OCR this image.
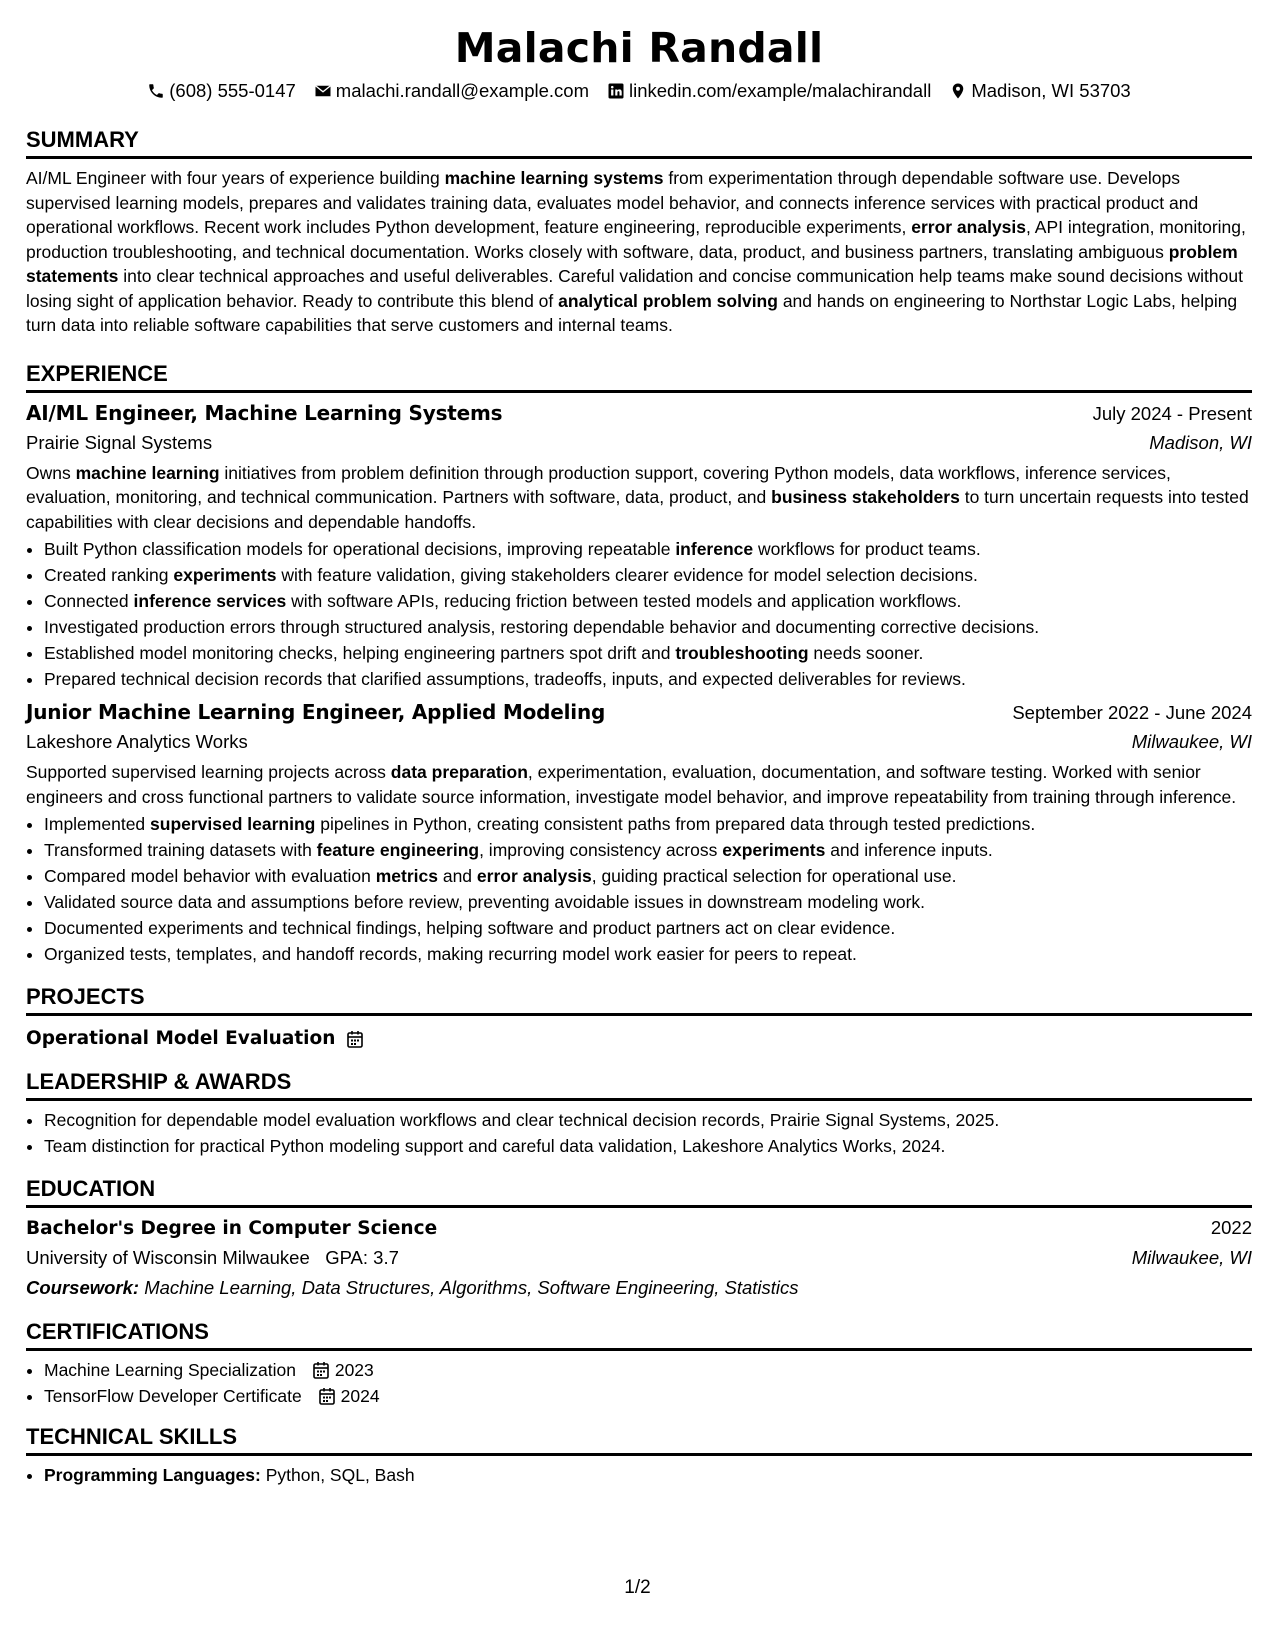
Malachi Randall
(608) 555-0147 malachi.randall@example.com linkedin.com/example/malachirandall Madison, WI 53703
SUMMARY

AI/ML Engineer with four years of experience building machine learning systems from experimentation through dependable software use. Develops supervised learning models, prepares and validates training data, evaluates model behavior, and connects inference services with practical product and operational workflows. Recent work includes Python development, feature engineering, reproducible experiments, error analysis, API integration, monitoring, production troubleshooting, and technical documentation. Works closely with software, data, product, and business partners, translating ambiguous problem statements into clear technical approaches and useful deliverables. Careful validation and concise communication help teams make sound decisions without losing sight of application behavior. Ready to contribute this blend of analytical problem solving and hands on engineering to Northstar Logic Labs, helping turn data into reliable software capabilities that serve customers and internal teams.

EXPERIENCE
AI/ML Engineer, Machine Learning Systems	July 2024 - Present
Prairie Signal Systems	Madison, WI

Owns machine learning initiatives from problem definition through production support, covering Python models, data workflows, inference services, evaluation, monitoring, and technical communication. Partners with software, data, product, and business stakeholders to turn uncertain requests into tested capabilities with clear decisions and dependable handoffs.

• Built Python classification models for operational decisions, improving repeatable inference workflows for product teams.
• Created ranking experiments with feature validation, giving stakeholders clearer evidence for model selection decisions.
• Connected inference services with software APIs, reducing friction between tested models and application workflows.
• Investigated production errors through structured analysis, restoring dependable behavior and documenting corrective decisions.
• Established model monitoring checks, helping engineering partners spot drift and troubleshooting needs sooner.
• Prepared technical decision records that clarified assumptions, tradeoffs, inputs, and expected deliverables for reviews.
Junior Machine Learning Engineer, Applied Modeling	September 2022 - June 2024
Lakeshore Analytics Works	Milwaukee, WI

Supported supervised learning projects across data preparation, experimentation, evaluation, documentation, and software testing. Worked with senior engineers and cross functional partners to validate source information, investigate model behavior, and improve repeatability from training through inference.

• Implemented supervised learning pipelines in Python, creating consistent paths from prepared data through tested predictions.
• Transformed training datasets with feature engineering, improving consistency across experiments and inference inputs.
• Compared model behavior with evaluation metrics and error analysis, guiding practical selection for operational use.
• Validated source data and assumptions before review, preventing avoidable issues in downstream modeling work.
• Documented experiments and technical findings, helping software and product partners act on clear evidence.
• Organized tests, templates, and handoff records, making recurring model work easier for peers to repeat.
PROJECTS
Operational Model Evaluation
LEADERSHIP & AWARDS
• Recognition for dependable model evaluation workflows and clear technical decision records, Prairie Signal Systems, 2025.
• Team distinction for practical Python modeling support and careful data validation, Lakeshore Analytics Works, 2024.
EDUCATION
Bachelor's Degree in Computer Science	2022
University of Wisconsin Milwaukee GPA: 3.7	Milwaukee, WI
Coursework: Machine Learning, Data Structures, Algorithms, Software Engineering, Statistics
CERTIFICATIONS
• Machine Learning Specialization
2023
• TensorFlow Developer Certificate
2024
TECHNICAL SKILLS
• Programming Languages: Python, SQL, Bash
1/2
